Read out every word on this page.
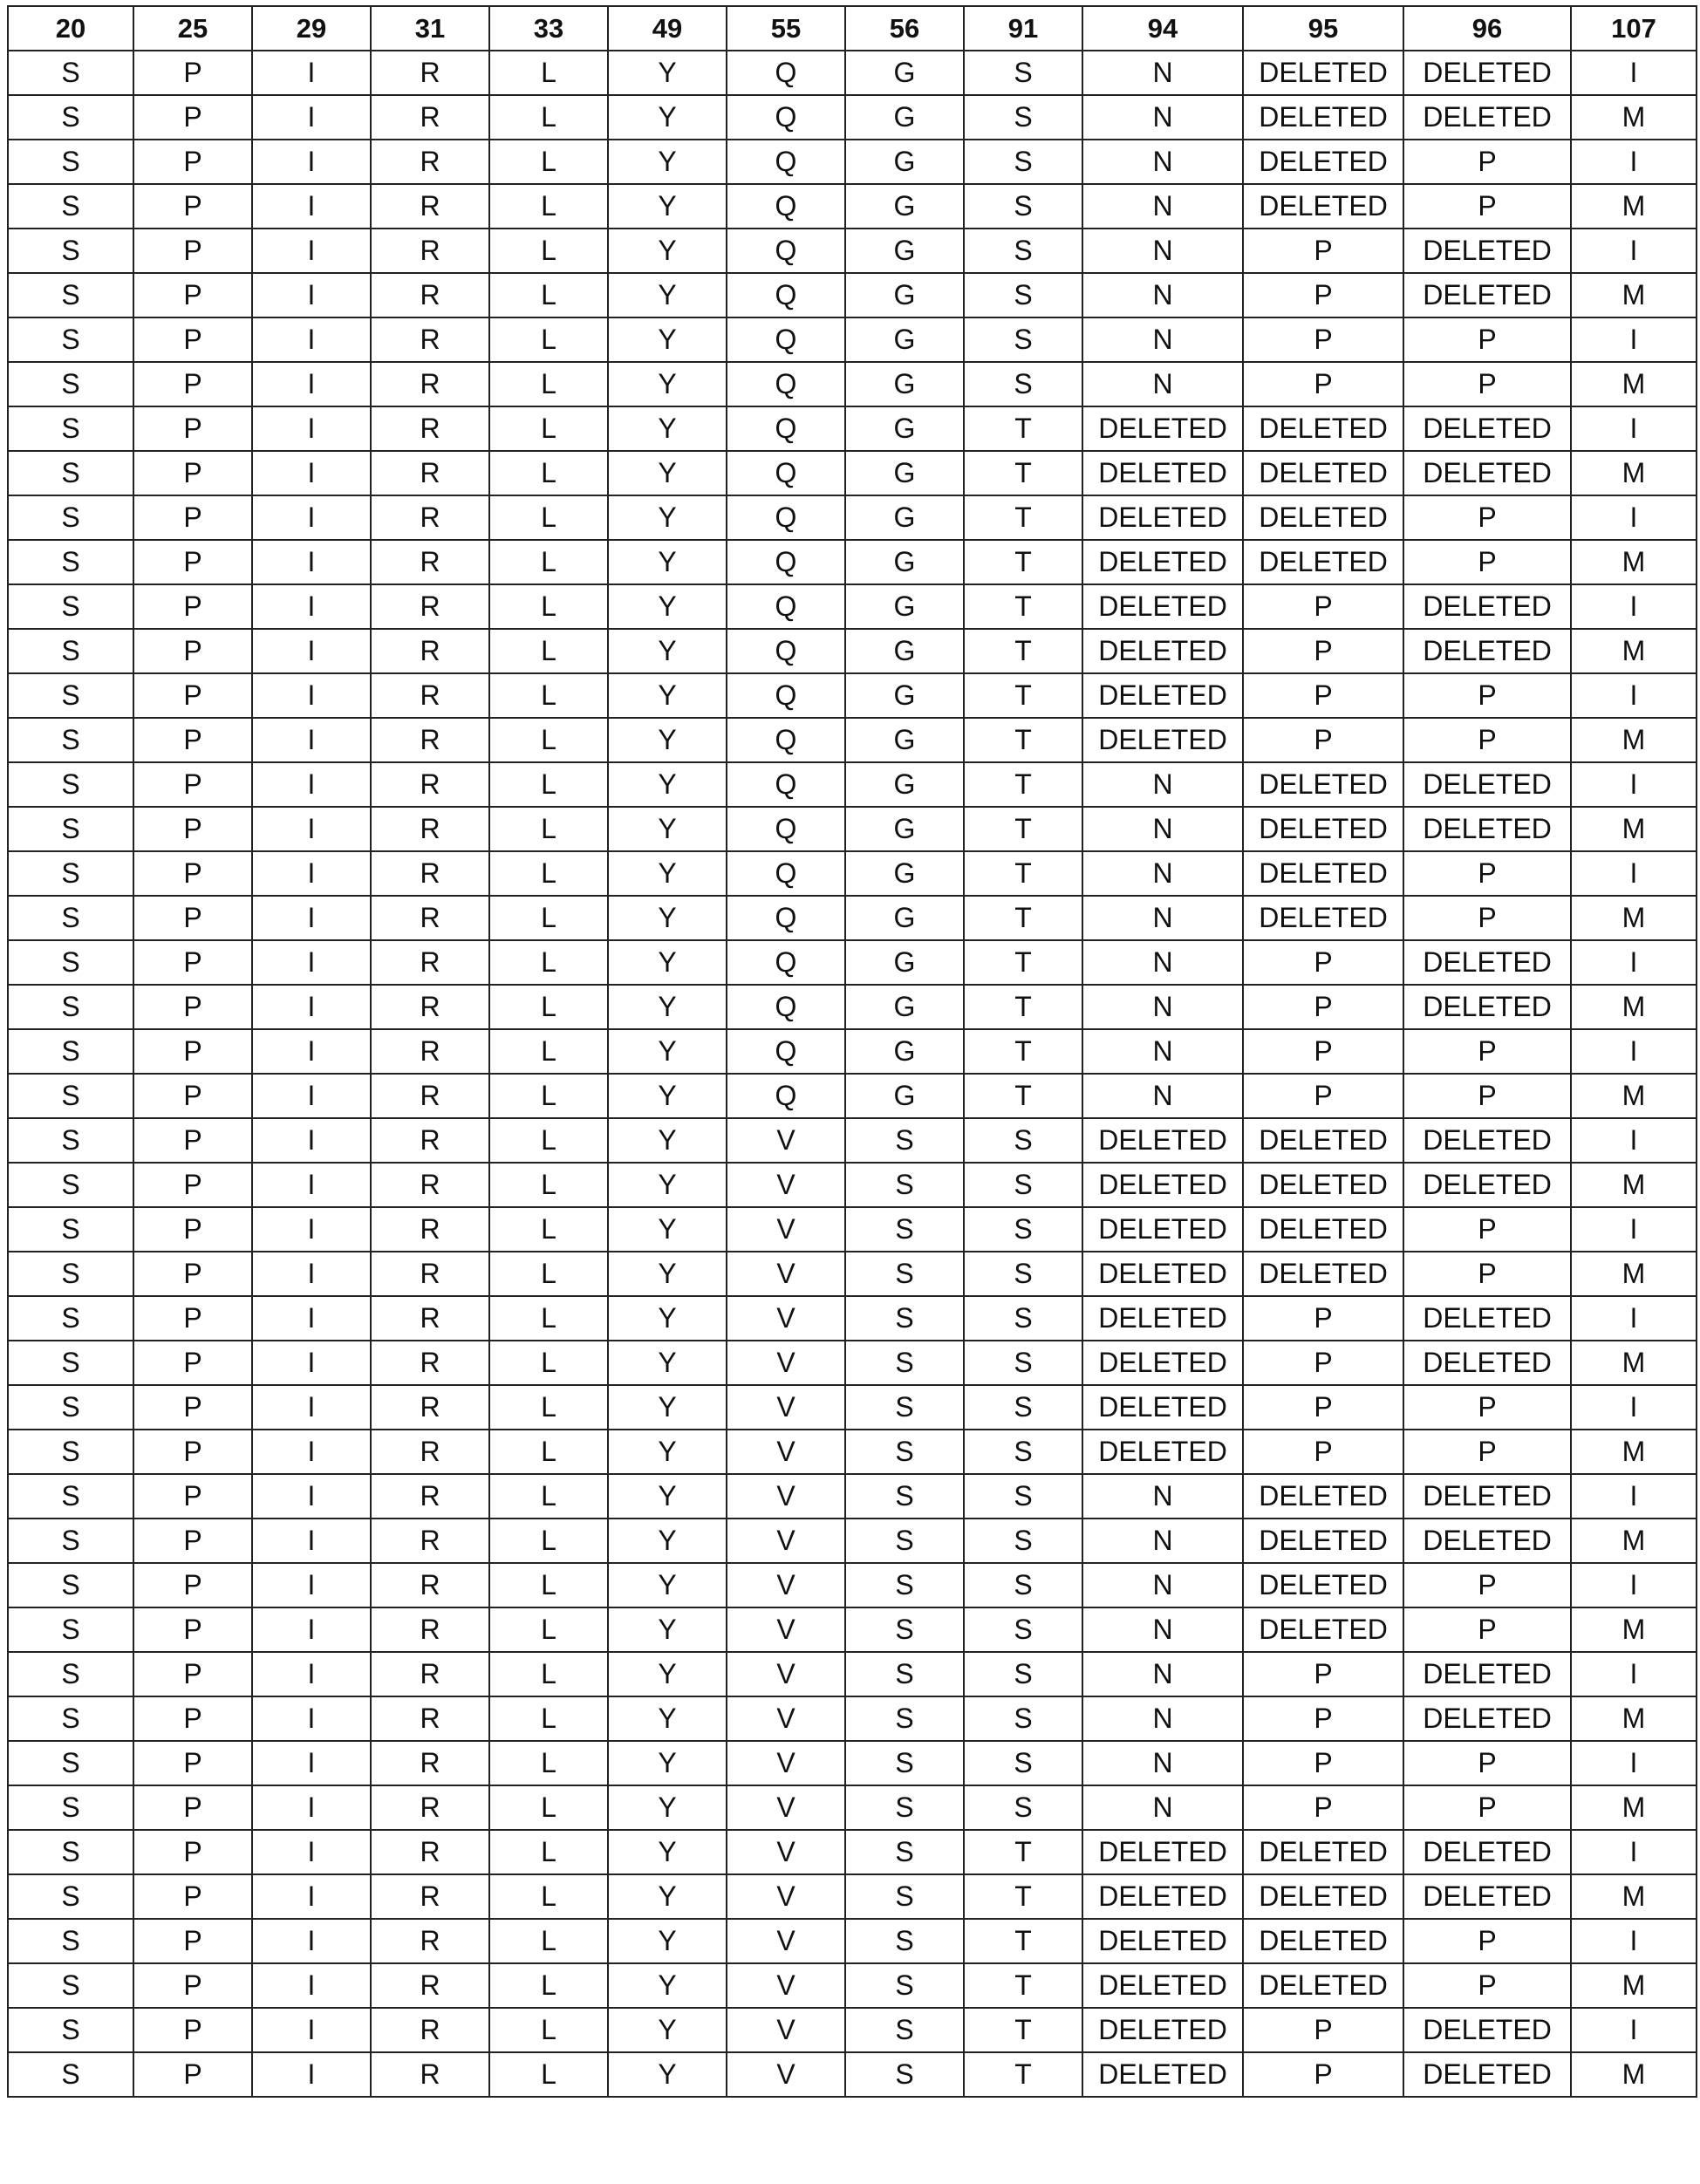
20	25	29	31	33	49	55	56	91	94	95	96	107
S	P	I	R	L	Y	Q	G	S	N	DELETED	DELETED	I
S	P	I	R	L	Y	Q	G	S	N	DELETED	DELETED	M
S	P	I	R	L	Y	Q	G	S	N	DELETED	P	I
S	P	I	R	L	Y	Q	G	S	N	DELETED	P	M
S	P	I	R	L	Y	Q	G	S	N	P	DELETED	I
S	P	I	R	L	Y	Q	G	S	N	P	DELETED	M
S	P	I	R	L	Y	Q	G	S	N	P	P	I
S	P	I	R	L	Y	Q	G	S	N	P	P	M
S	P	I	R	L	Y	Q	G	T	DELETED	DELETED	DELETED	I
S	P	I	R	L	Y	Q	G	T	DELETED	DELETED	DELETED	M
S	P	I	R	L	Y	Q	G	T	DELETED	DELETED	P	I
S	P	I	R	L	Y	Q	G	T	DELETED	DELETED	P	M
S	P	I	R	L	Y	Q	G	T	DELETED	P	DELETED	I
S	P	I	R	L	Y	Q	G	T	DELETED	P	DELETED	M
S	P	I	R	L	Y	Q	G	T	DELETED	P	P	I
S	P	I	R	L	Y	Q	G	T	DELETED	P	P	M
S	P	I	R	L	Y	Q	G	T	N	DELETED	DELETED	I
S	P	I	R	L	Y	Q	G	T	N	DELETED	DELETED	M
S	P	I	R	L	Y	Q	G	T	N	DELETED	P	I
S	P	I	R	L	Y	Q	G	T	N	DELETED	P	M
S	P	I	R	L	Y	Q	G	T	N	P	DELETED	I
S	P	I	R	L	Y	Q	G	T	N	P	DELETED	M
S	P	I	R	L	Y	Q	G	T	N	P	P	I
S	P	I	R	L	Y	Q	G	T	N	P	P	M
S	P	I	R	L	Y	V	S	S	DELETED	DELETED	DELETED	I
S	P	I	R	L	Y	V	S	S	DELETED	DELETED	DELETED	M
S	P	I	R	L	Y	V	S	S	DELETED	DELETED	P	I
S	P	I	R	L	Y	V	S	S	DELETED	DELETED	P	M
S	P	I	R	L	Y	V	S	S	DELETED	P	DELETED	I
S	P	I	R	L	Y	V	S	S	DELETED	P	DELETED	M
S	P	I	R	L	Y	V	S	S	DELETED	P	P	I
S	P	I	R	L	Y	V	S	S	DELETED	P	P	M
S	P	I	R	L	Y	V	S	S	N	DELETED	DELETED	I
S	P	I	R	L	Y	V	S	S	N	DELETED	DELETED	M
S	P	I	R	L	Y	V	S	S	N	DELETED	P	I
S	P	I	R	L	Y	V	S	S	N	DELETED	P	M
S	P	I	R	L	Y	V	S	S	N	P	DELETED	I
S	P	I	R	L	Y	V	S	S	N	P	DELETED	M
S	P	I	R	L	Y	V	S	S	N	P	P	I
S	P	I	R	L	Y	V	S	S	N	P	P	M
S	P	I	R	L	Y	V	S	T	DELETED	DELETED	DELETED	I
S	P	I	R	L	Y	V	S	T	DELETED	DELETED	DELETED	M
S	P	I	R	L	Y	V	S	T	DELETED	DELETED	P	I
S	P	I	R	L	Y	V	S	T	DELETED	DELETED	P	M
S	P	I	R	L	Y	V	S	T	DELETED	P	DELETED	I
S	P	I	R	L	Y	V	S	T	DELETED	P	DELETED	M
